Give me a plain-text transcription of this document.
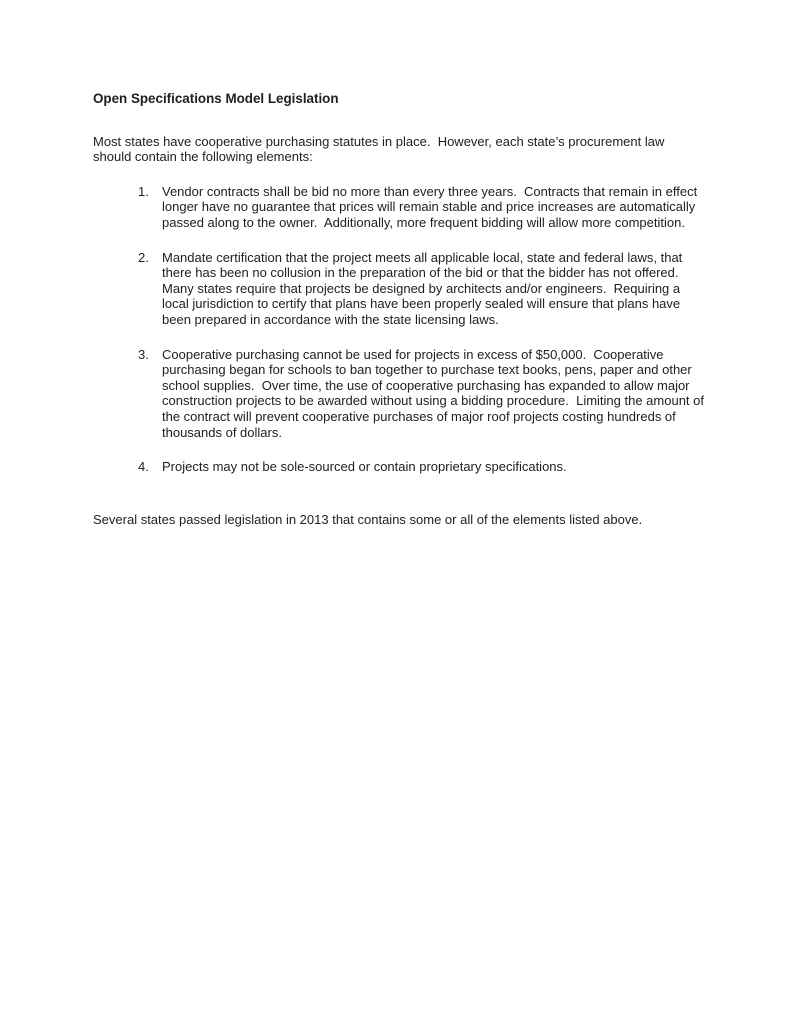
Open Specifications Model Legislation
Most states have cooperative purchasing statutes in place.  However, each state’s procurement law should contain the following elements:
1.	Vendor contracts shall be bid no more than every three years.  Contracts that remain in effect longer have no guarantee that prices will remain stable and price increases are automatically passed along to the owner.  Additionally, more frequent bidding will allow more competition.
2.	Mandate certification that the project meets all applicable local, state and federal laws, that there has been no collusion in the preparation of the bid or that the bidder has not offered.  Many states require that projects be designed by architects and/or engineers.  Requiring a local jurisdiction to certify that plans have been properly sealed will ensure that plans have been prepared in accordance with the state licensing laws.
3.	Cooperative purchasing cannot be used for projects in excess of $50,000.  Cooperative purchasing began for schools to ban together to purchase text books, pens, paper and other school supplies.  Over time, the use of cooperative purchasing has expanded to allow major construction projects to be awarded without using a bidding procedure.  Limiting the amount of the contract will prevent cooperative purchases of major roof projects costing hundreds of thousands of dollars.
4.	Projects may not be sole-sourced or contain proprietary specifications.
Several states passed legislation in 2013 that contains some or all of the elements listed above.
